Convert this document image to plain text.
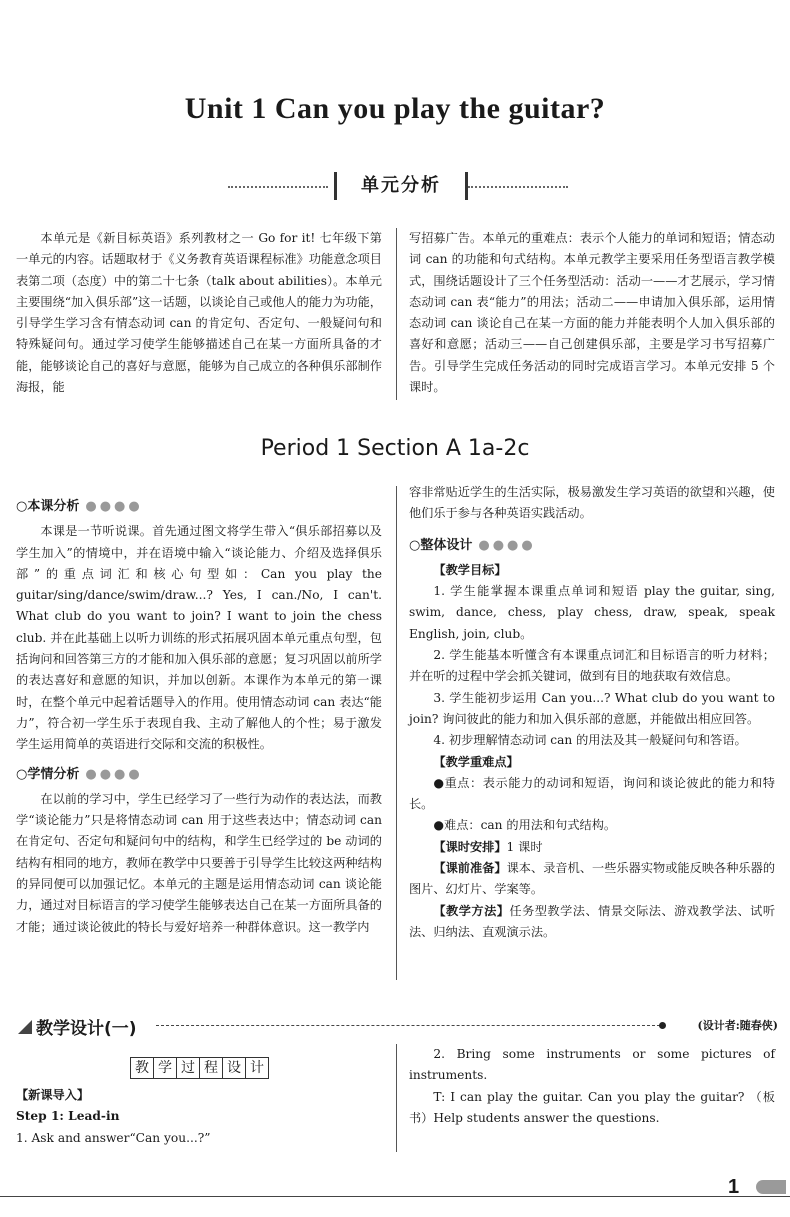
Unit 1 Can you play the guitar?
单元分析

本单元是《新目标英语》系列教材之一 Go for it! 七年级下第一单元的内容。话题取材于《义务教育英语课程标准》功能意念项目表第二项（态度）中的第二十七条（talk about abilities）。本单元主要围绕“加入俱乐部”这一话题，以谈论自己或他人的能力为功能，引导学生学习含有情态动词 can 的肯定句、否定句、一般疑问句和特殊疑问句。通过学习使学生能够描述自己在某一方面所具备的才能，能够谈论自己的喜好与意愿，能够为自己成立的各种俱乐部制作海报，能

写招募广告。本单元的重难点：表示个人能力的单词和短语；情态动词 can 的功能和句式结构。本单元教学主要采用任务型语言教学模式，围绕话题设计了三个任务型活动：活动一——才艺展示，学习情态动词 can 表“能力”的用法；活动二——申请加入俱乐部，运用情态动词 can 谈论自己在某一方面的能力并能表明个人加入俱乐部的喜好和意愿；活动三——自己创建俱乐部，主要是学习书写招募广告。引导学生完成任务活动的同时完成语言学习。本单元安排 5 个课时。

Period 1 Section A 1a-2c
○本课分析 ●●●●

本课是一节听说课。首先通过图文将学生带入“俱乐部招募以及学生加入”的情境中，并在语境中输入“谈论能力、介绍及选择俱乐部”的重点词汇和核心句型如：Can you play the guitar/sing/dance/swim/draw...? Yes, I can./No, I can't. What club do you want to join? I want to join the chess club. 并在此基础上以听力训练的形式拓展巩固本单元重点句型，包括询问和回答第三方的才能和加入俱乐部的意愿；复习巩固以前所学的表达喜好和意愿的知识，并加以创新。本课作为本单元的第一课时，在整个单元中起着话题导入的作用。使用情态动词 can 表达“能力”，符合初一学生乐于表现自我、主动了解他人的个性；易于激发学生运用简单的英语进行交际和交流的积极性。

○学情分析 ●●●●

在以前的学习中，学生已经学习了一些行为动作的表达法，而教学“谈论能力”只是将情态动词 can 用于这些表达中；情态动词 can 在肯定句、否定句和疑问句中的结构，和学生已经学过的 be 动词的结构有相同的地方，教师在教学中只要善于引导学生比较这两种结构的异同便可以加强记忆。本单元的主题是运用情态动词 can 谈论能力，通过对目标语言的学习使学生能够表达自己在某一方面所具备的才能；通过谈论彼此的特长与爱好培养一种群体意识。这一教学内

容非常贴近学生的生活实际，极易激发生学习英语的欲望和兴趣，使他们乐于参与各种英语实践活动。

○整体设计 ●●●●

【教学目标】

1. 学生能掌握本课重点单词和短语 play the guitar, sing, swim, dance, chess, play chess, draw, speak, speak English, join, club。

2. 学生能基本听懂含有本课重点词汇和目标语言的听力材料；并在听的过程中学会抓关键词，做到有目的地获取有效信息。

3. 学生能初步运用 Can you...? What club do you want to join? 询问彼此的能力和加入俱乐部的意愿，并能做出相应回答。

4. 初步理解情态动词 can 的用法及其一般疑问句和答语。

【教学重难点】

●重点：表示能力的动词和短语，询问和谈论彼此的能力和特长。

●难点：can 的用法和句式结构。

【课时安排】1 课时

【课前准备】课本、录音机、一些乐器实物或能反映各种乐器的图片、幻灯片、学案等。

【教学方法】任务型教学法、情景交际法、游戏教学法、试听法、归纳法、直观演示法。

教学设计(一)	(设计者:随春侠)
教 学 过 程 设 计

【新课导入】

Step 1: Lead-in

1. Ask and answer“Can you...?”

2. Bring some instruments or some pictures of instruments.

T: I can play the guitar. Can you play the guitar? （板书）Help students answer the questions.

1
